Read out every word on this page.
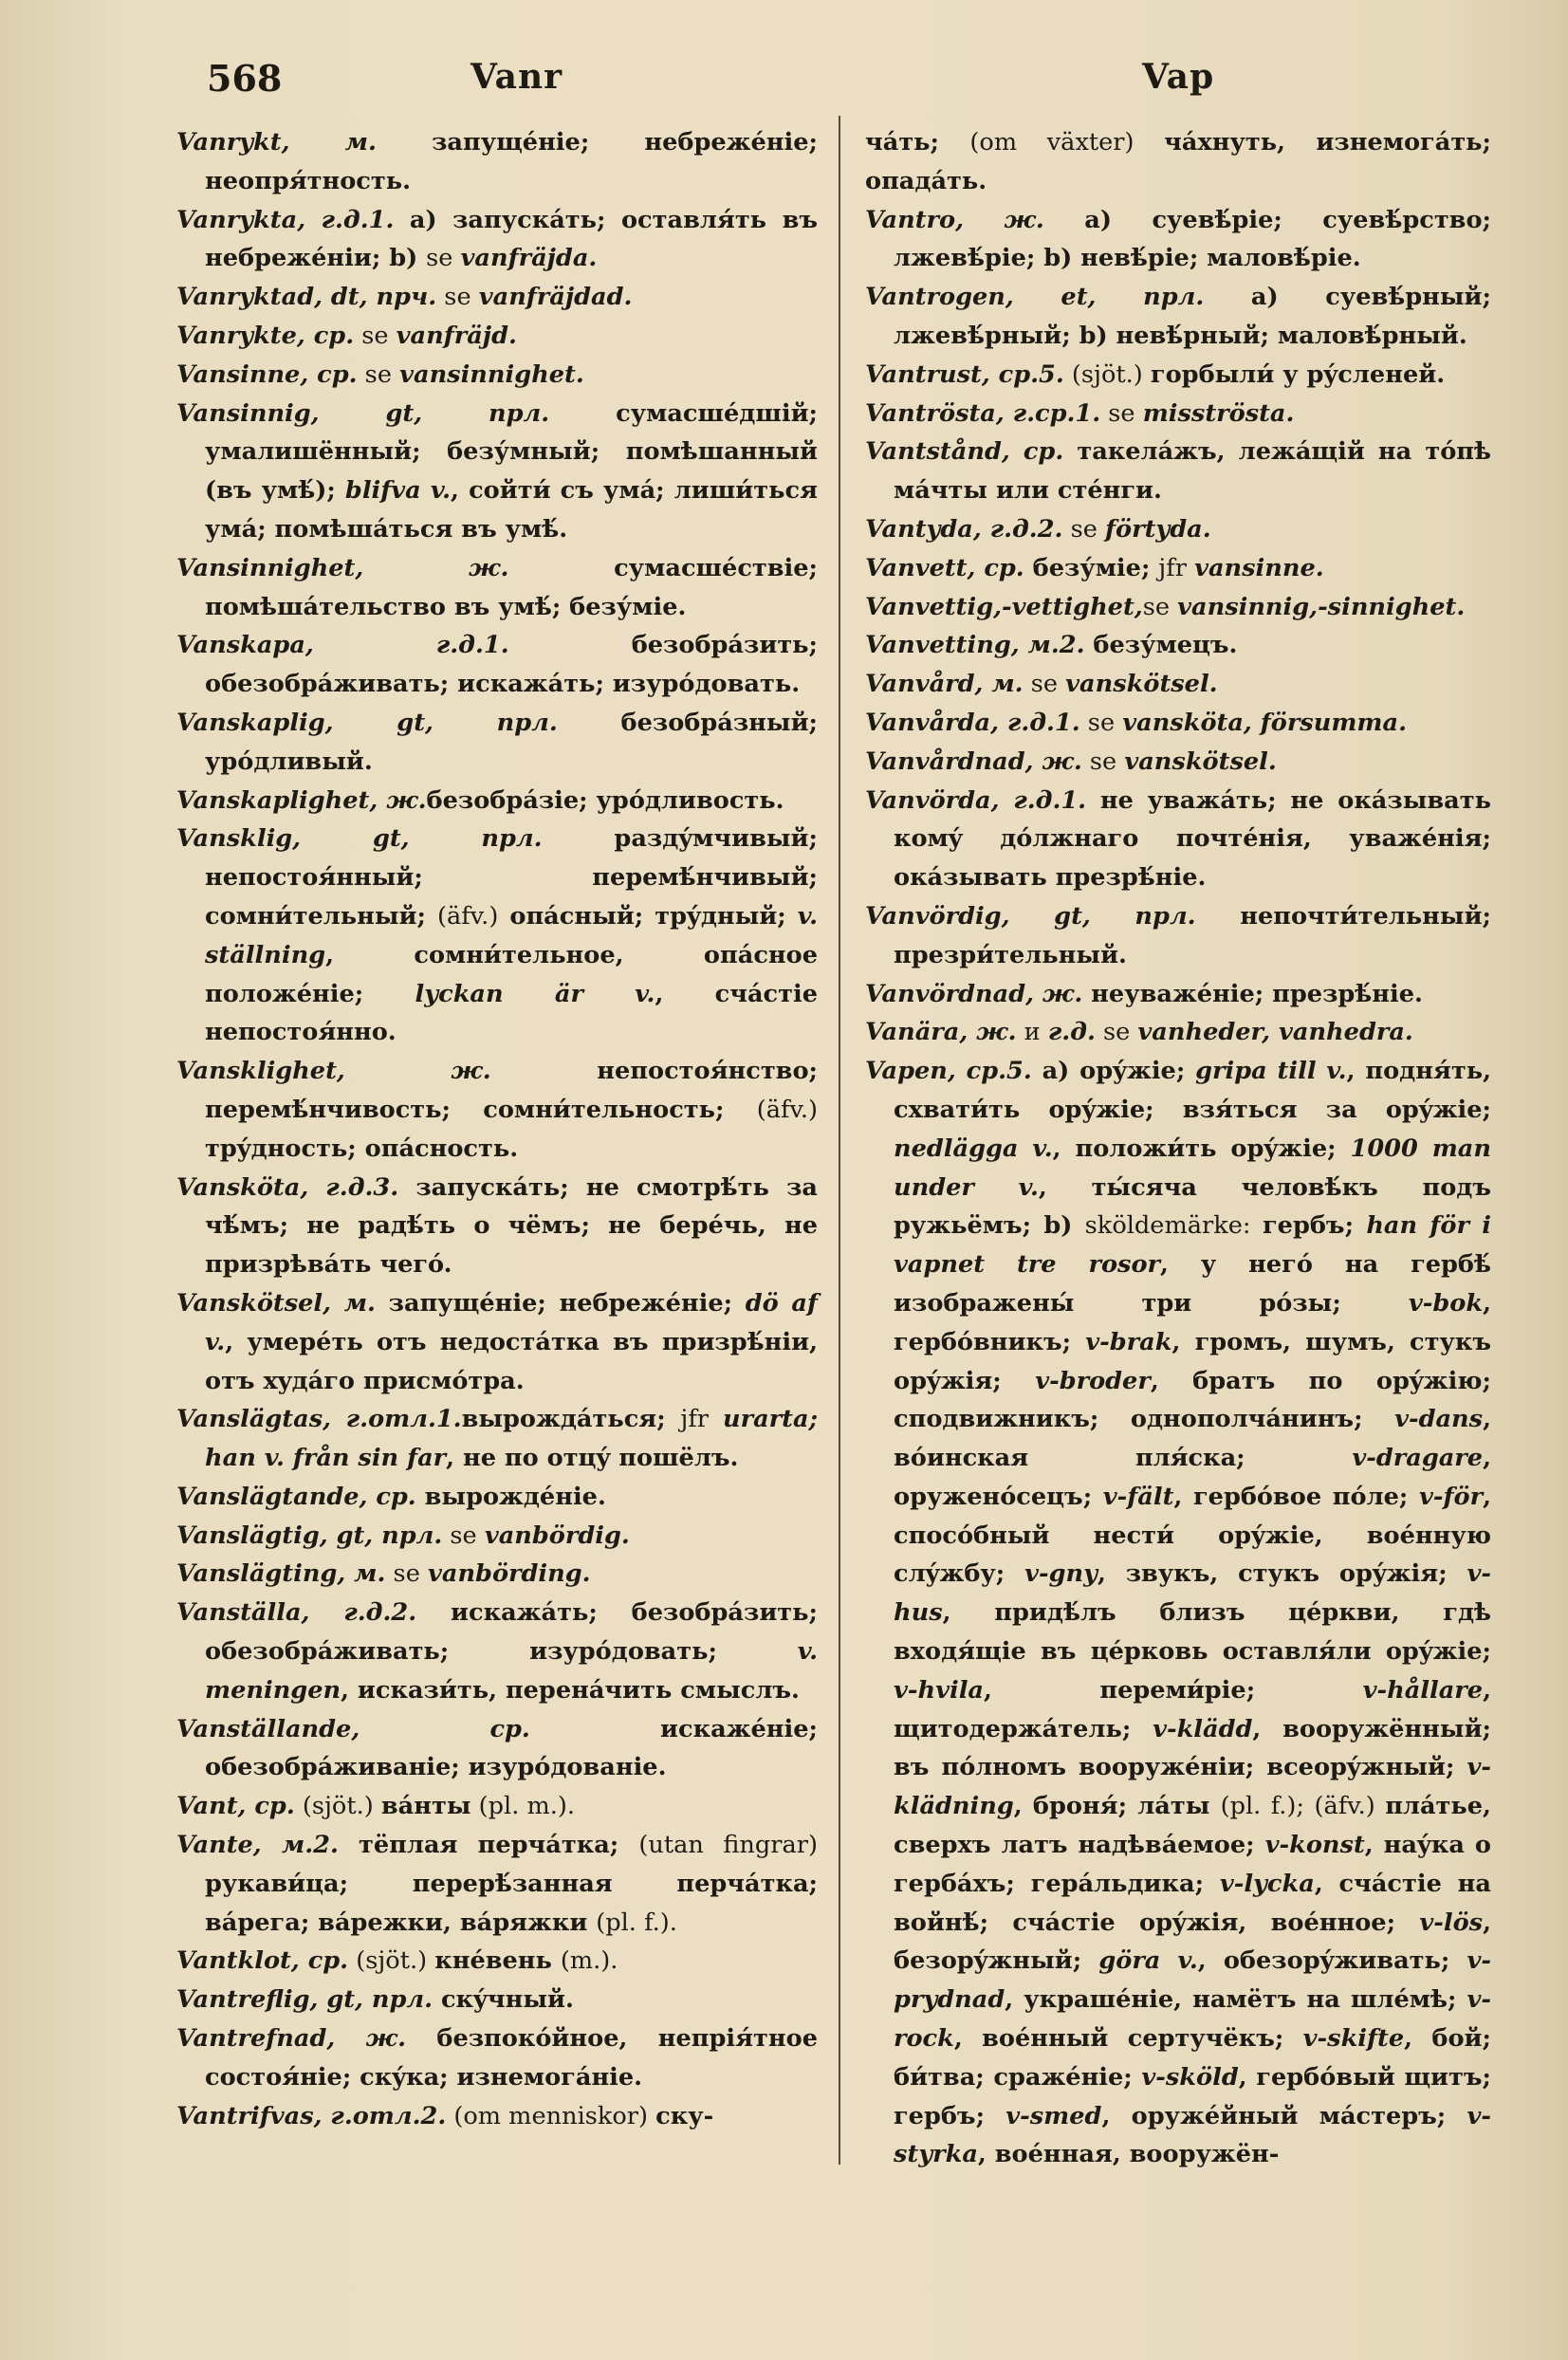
568	Vanr	Vap

Vanrykt, м. запущéніе; небрежéніе; неопря́тность.

Vanrykta, г.д.1. a) запускáть; оставля́ть въ небрежéніи; b) se vanfräjda.

Vanryktad, dt, прч. se vanfräjdad.

Vanrykte, ср. se vanfräjd.

Vansinne, ср. se vansinnighet.

Vansinnig, gt, прл. сумасшéдшій; умалишённый; безу́мный; помѣшанный (въ умѣ́); blifva v., сойти́ съ умá; лиши́ться умá; помѣшáться въ умѣ́.

Vansinnighet, ж. сумасшéствіе; помѣшáтельство въ умѣ́; безу́міе.

Vanskapa, г.д.1. безобрáзить; обезобрáживать; искажáть; изуро́довать.

Vanskaplig, gt, прл. безобрáзный; уро́дливый.

Vanskaplighet, ж.безобрáзіе; уро́дливость.

Vansklig, gt, прл. раздýмчивый; непостоя́нный; перемѣ́нчивый; сомни́тельный; (äfv.) опáсный; трýдный; v. ställning, сомни́тельное, опáсное положéніе; lyckan är v., счáстіе непостоя́нно.

Vansklighet, ж. непостоя́нство; перемѣ́нчивость; сомни́тельность; (äfv.) трýдность; опáсность.

Vansköta, г.д.3. запускáть; не смотрѣ́ть за чѣ́мъ; не радѣ́ть о чёмъ; не берéчь, не призрѣвáть чегó.

Vanskötsel, м. запущéніе; небрежéніе; dö af v., умерéть отъ недостáтка въ призрѣ́ніи, отъ хyдáго присмóтра.

Vanslägtas, г.отл.1.вырождáться; jfr urarta; han v. från sin far, не по отцý пошёлъ.

Vanslägtande, ср. вырождéніе.

Vanslägtig, gt, прл. se vanbördig.

Vanslägting, м. se vanbörding.

Vanställa, г.д.2. искажáть; безобрáзить; обезобрáживать; изуро́довать; v. meningen, искази́ть, перенáчить смыслъ.

Vanställande, ср. искажéніе; обезобрáживаніе; изуро́дованіе.

Vant, ср. (sjöt.) вáнты (pl. m.).

Vante, м.2. тёплая перчáтка; (utan fingrar) рукави́ца; перерѣ́занная перчáтка; вáрега; вáрежки, вáряжки (pl. f.).

Vantklot, ср. (sjöt.) кнéвень (m.).

Vantreflig, gt, прл. скýчный.

Vantrefnad, ж. безпоко́йное, непрія́тное состоя́ніе; скýка; изнемогáніе.

Vantrifvas, г.отл.2. (om menniskor) ску-

чáть; (om växter) чáхнуть, изнемогáть; опадáть.

Vantro, ж. a) суевѣ́ріе; суевѣ́рство; лжевѣ́ріе; b) невѣ́ріе; маловѣ́ріе.

Vantrogen, et, прл. a) суевѣ́рный; лжевѣ́рный; b) невѣ́рный; маловѣ́рный.

Vantrust, ср.5. (sjöt.) горбыли́ у рýсленей.

Vantrösta, г.ср.1. se misströsta.

Vantstånd, ср. такелáжъ, лежáщій на то́пѣ мáчты или стéнги.

Vantyda, г.д.2. se förtyda.

Vanvett, ср. безу́міе; jfr vansinne.

Vanvettig,-vettighet,se vansinnig,-sinnighet.

Vanvetting, м.2. безу́мецъ.

Vanvård, м. se vanskötsel.

Vanvårda, г.д.1. se vansköta, försumma.

Vanvårdnad, ж. se vanskötsel.

Vanvörda, г.д.1. не уважáть; не окáзывать комý до́лжнаго почтéнія, уважéнія; окáзывать презрѣ́ніе.

Vanvördig, gt, прл. непочти́тельный; презри́тельный.

Vanvördnad, ж. неуважéніе; презрѣ́ніе.

Vanära, ж. и г.д. se vanheder, vanhedra.

Vapen, ср.5. a) орýжіе; gripa till v., подня́ть, схвати́ть орýжіе; взя́ться за орýжіе; nedlägga v., положи́ть орýжіе; 1000 man under v., ты́сяча человѣ́къ подъ ружьёмъ; b) sköldemärke: гербъ; han för i vapnet tre rosor, у негó на гербѣ́ изображены́ три ро́зы; v-bok, гербо́вникъ; v-brak, громъ, шумъ, стукъ орýжія; v-broder, братъ по орýжію; сподвижникъ; однополчáнинъ; v-dans, во́инская пля́ска; v-dragare, оруженóсецъ; v-fält, гербо́вое по́ле; v-för, спосо́бный нести́ орýжіе, воéнную слýжбу; v-gny, звукъ, стукъ орýжія; v-hus, придѣ́лъ близъ цéркви, гдѣ входя́щіе въ цéрковь оставля́ли орýжіе; v-hvila, переми́ріе; v-hållare, щитодержáтель; v-klädd, вооружённый; въ по́лномъ вооружéніи; всеорýжный; v-klädning, броня́; лáты (pl. f.); (äfv.) плáтье, сверхъ латъ надѣвáемое; v-konst, наýка о гербáхъ; герáльдика; v-lycka, счáстіе на войнѣ́; счáстіе орýжія, воéнное; v-lös, безорýжный; göra v., обезорýживать; v-prydnad, украшéніе, намётъ на шлéмѣ; v-rock, воéнный сертучёкъ; v-skifte, бой; би́тва; сражéніе; v-sköld, гербо́вый щитъ; гербъ; v-smed, оружéйный мáстеръ; v-styrka, воéнная, вооружён-
